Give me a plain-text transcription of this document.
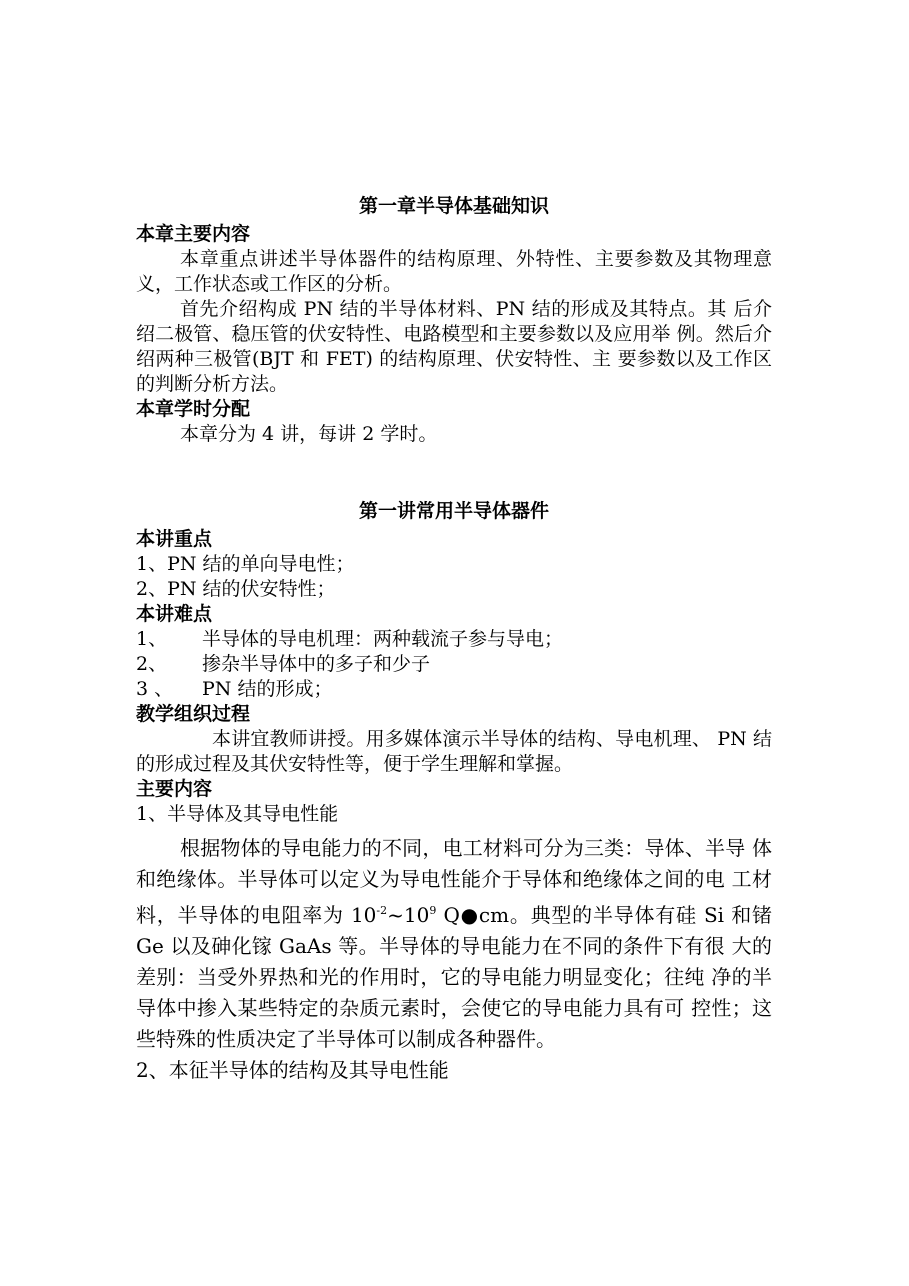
第一章半导体基础知识

本章主要内容

本章重点讲述半导体器件的结构原理、外特性、主要参数及其物理意义，工作状态或工作区的分析。

首先介绍构成 PN 结的半导体材料、PN 结的形成及其特点。其 后介绍二极管、稳压管的伏安特性、电路模型和主要参数以及应用举 例。然后介绍两种三极管(BJT 和 FET) 的结构原理、伏安特性、主 要参数以及工作区的判断分析方法。

本章学时分配

本章分为 4 讲，每讲 2 学时。

第一讲常用半导体器件

本讲重点

1、PN 结的单向导电性；

2、PN 结的伏安特性；

本讲难点

1、 半导体的导电机理：两种载流子参与导电；

2、 掺杂半导体中的多子和少子

3 、 PN 结的形成；

教学组织过程

本讲宜教师讲授。用多媒体演示半导体的结构、导电机理、 PN 结的形成过程及其伏安特性等，便于学生理解和掌握。

主要内容

1、半导体及其导电性能

根据物体的导电能力的不同，电工材料可分为三类：导体、半导 体和绝缘体。半导体可以定义为导电性能介于导体和绝缘体之间的电 工材料，半导体的电阻率为 $10^{-2}\sim 10^9$ Q●cm。典型的半导体有硅 Si 和锗 Ge 以及砷化镓 GaAs 等。半导体的导电能力在不同的条件下有很 大的差别：当受外界热和光的作用时，它的导电能力明显变化；往纯 净的半导体中掺入某些特定的杂质元素时，会使它的导电能力具有可 控性；这些特殊的性质决定了半导体可以制成各种器件。

2、本征半导体的结构及其导电性能
